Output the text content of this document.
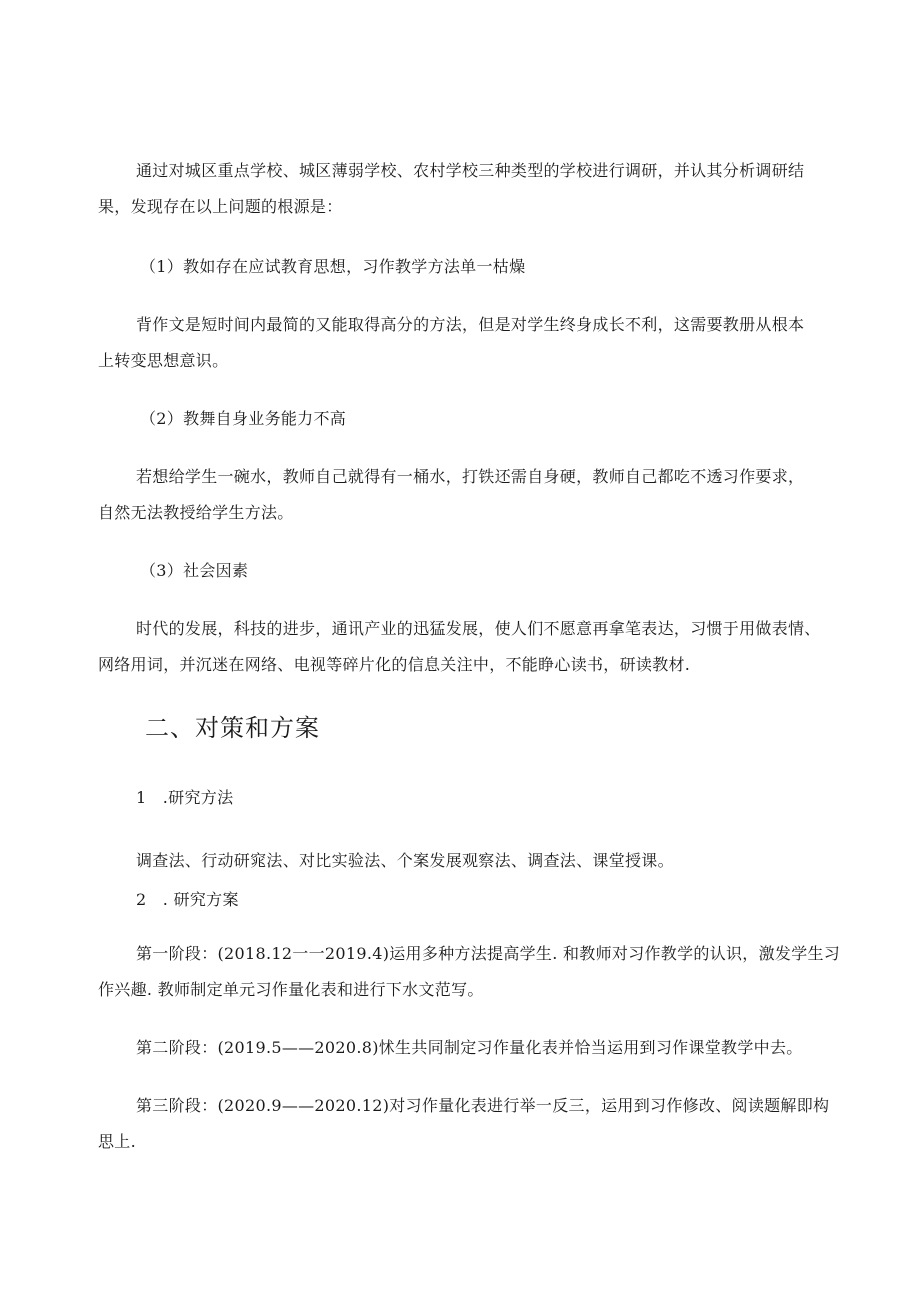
通过对城区重点学校、城区薄弱学校、农村学校三种类型的学校进行调研，并认其分析调研结
果，发现存在以上问题的根源是：
（1）教如存在应试教育思想，习作教学方法单一枯燥
背作文是短时间内最简的又能取得高分的方法，但是对学生终身成长不利，这需要教册从根本
上转变思想意识。
（2）教舞自身业务能力不高
若想给学生一碗水，教师自己就得有一桶水，打铁还需自身硬，教师自己都吃不透习作要求，
自然无法教授给学生方法。
（3）社会因素
时代的发展，科技的进步，通讯产业的迅猛发展，使人们不愿意再拿笔表达，习惯于用做表情、
网络用词，并沉迷在网络、电视等碎片化的信息关注中，不能睁心读书，研读教材.
二、对策和方案
1　.研究方法
调查法、行动研窕法、对比实验法、个案发展观察法、调查法、课堂授课。
2　. 研究方案
第一阶段：(2018.12一一2019.4)运用多种方法提高学生. 和教师对习作教学的认识，激发学生习
作兴趣. 教师制定单元习作量化表和进行下水文范写。
第二阶段：(2019.5——2020.8)怵生共同制定习作量化表并恰当运用到习作课堂教学中去。
第三阶段：(2020.9——2020.12)对习作量化表进行举一反三，运用到习作修改、阅读题解即构
思上.
